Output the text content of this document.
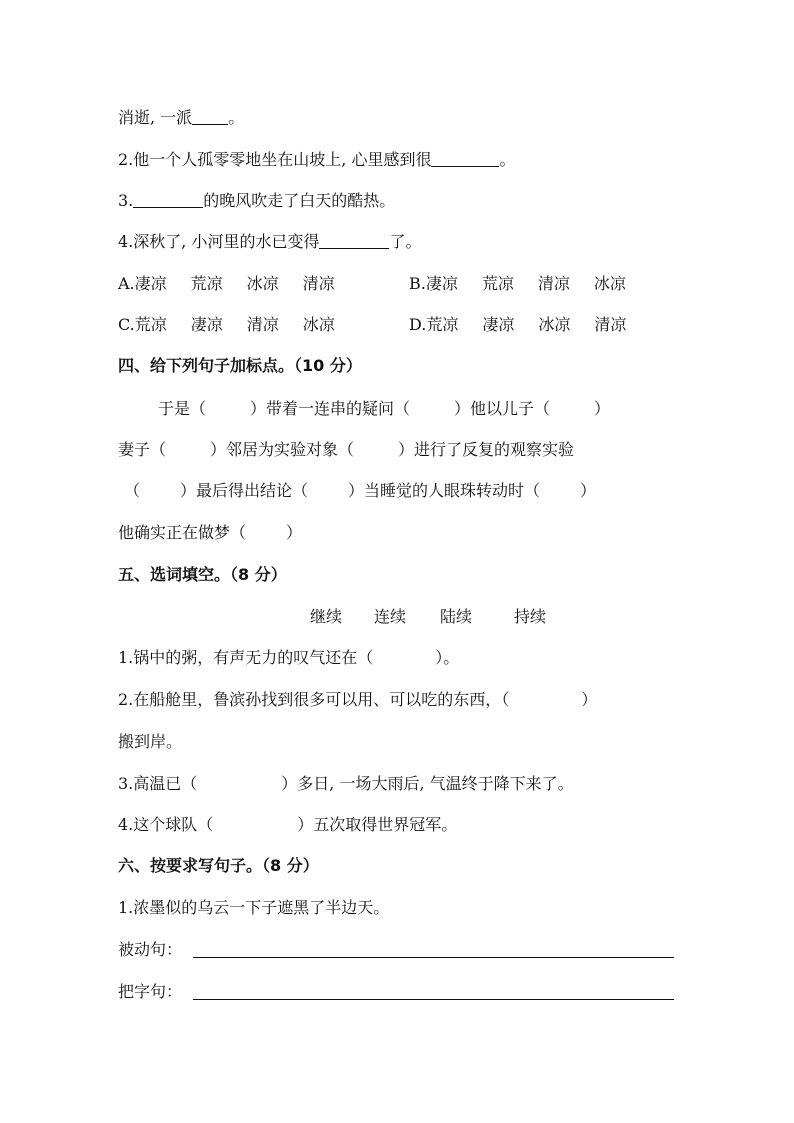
消逝, 一派 。
2.他一个人孤零零地坐在山坡上, 心里感到很	。
3.	的晚风吹走了白天的酷热。
4.深秋了, 小河里的水已变得	了。
A.凄凉 荒凉 冰凉 清凉	B.凄凉 荒凉 清凉 冰凉
C.荒凉 凄凉 清凉 冰凉	D.荒凉 凄凉 冰凉 清凉
四、给下列句子加标点。（10 分）
于是（	）带着一连串的疑问（	）他以儿子（	）
妻子（	）邻居为实验对象（	）进行了反复的观察实验
（	）最后得出结论（	）当睡觉的人眼珠转动时（	）
他确实正在做梦（	）
五、选词填空。（8 分）
继续 连续 陆续	持续
1.锅中的粥，有声无力的叹气还在（	）。
2.在船舱里，鲁滨孙找到很多可以用、可以吃的东西，（	）
搬到岸。
3.高温已（	）多日, 一场大雨后, 气温终于降下来了。
4.这个球队（	）五次取得世界冠军。
六、按要求写句子。（8 分）
1.浓墨似的乌云一下子遮黑了半边天。
被动句：
把字句：
